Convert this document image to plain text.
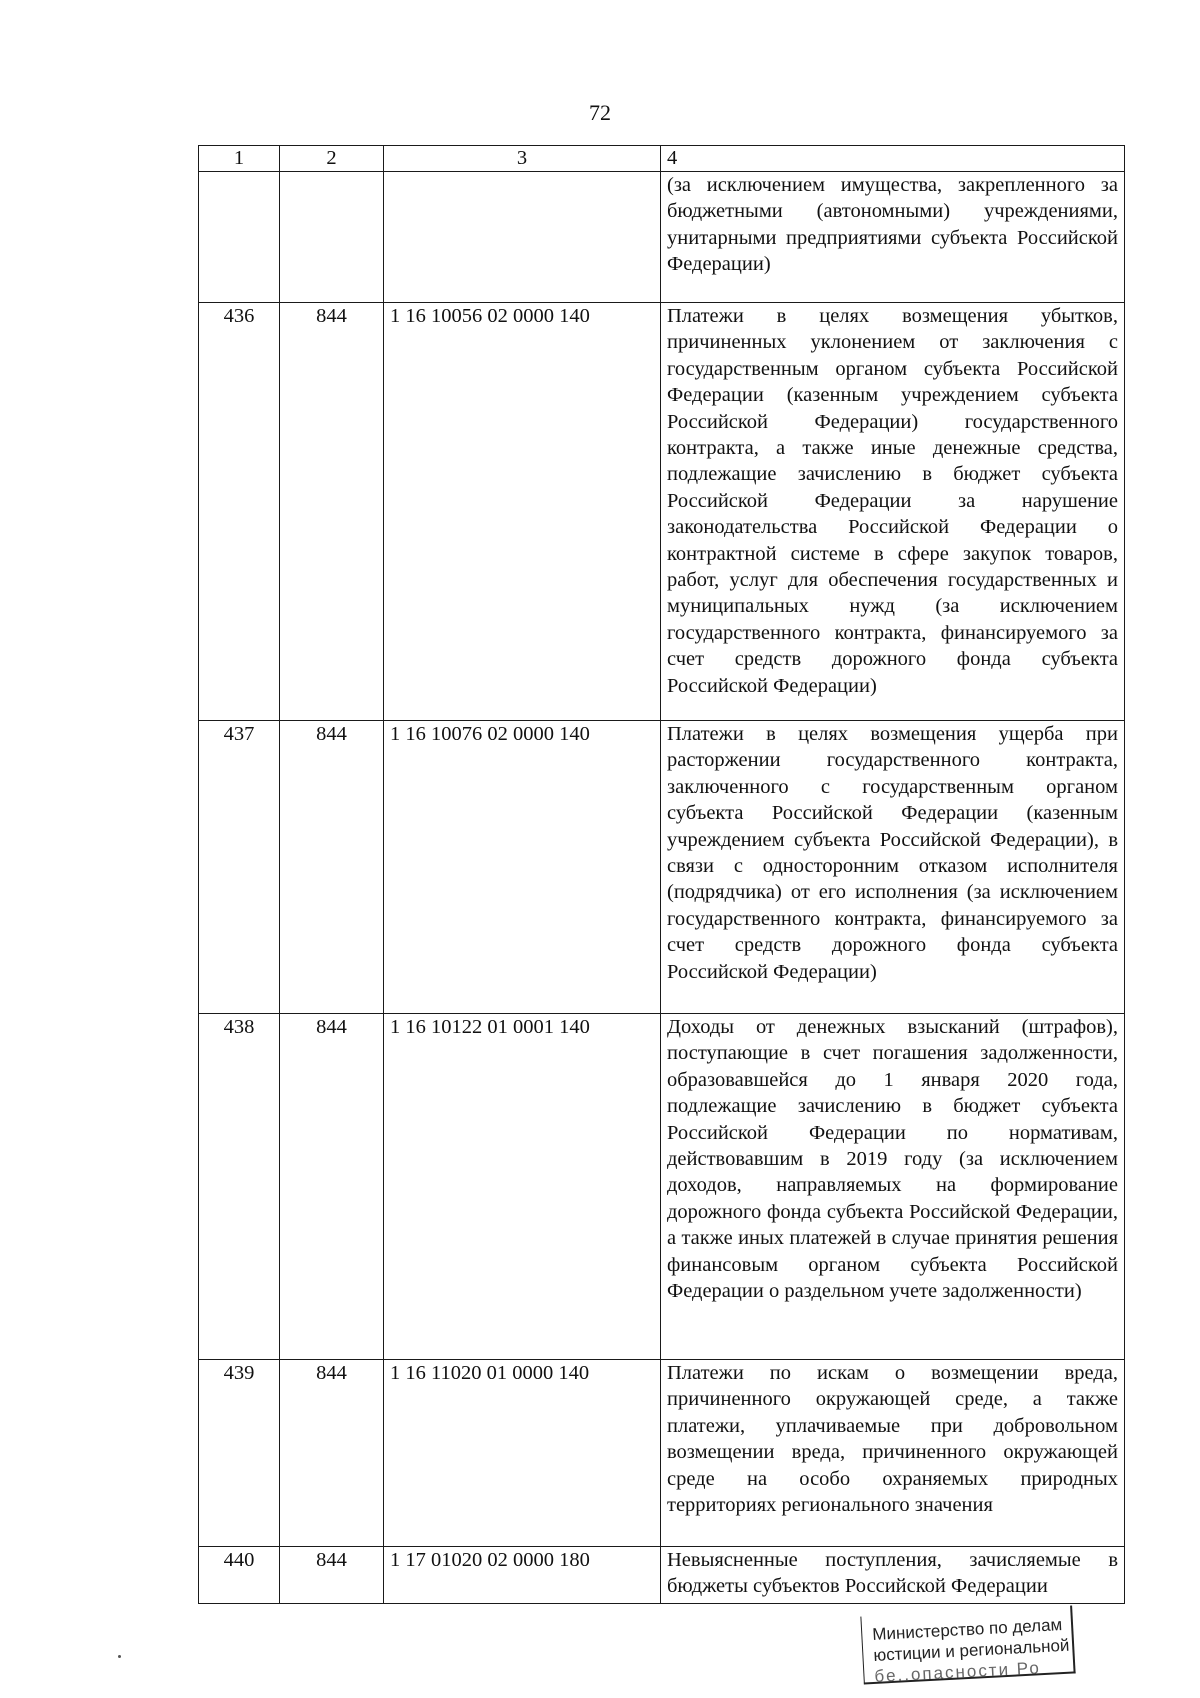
72
1	2	3	4
			(за исключением имущества, закрепленного за бюджетными (автономными) учреждениями, унитарными предприятиями субъекта Российской Федерации)
436	844	1 16 10056 02 0000 140	Платежи в целях возмещения убытков, причиненных уклонением от заключения с государственным органом субъекта Российской Федерации (казенным учреждением субъекта Российской Федерации) государственного контракта, а также иные денежные средства, подлежащие зачислению в бюджет субъекта Российской Федерации за нарушение законодательства Российской Федерации о контрактной системе в сфере закупок товаров, работ, услуг для обеспечения государственных и муниципальных нужд (за исключением государственного контракта, финансируемого за счет средств дорожного фонда субъекта Российской Федерации)
437	844	1 16 10076 02 0000 140	Платежи в целях возмещения ущерба при расторжении государственного контракта, заключенного с государственным органом субъекта Российской Федерации (казенным учреждением субъекта Российской Федерации), в связи с односторонним отказом исполнителя (подрядчика) от его исполнения (за исключением государственного контракта, финансируемого за счет средств дорожного фонда субъекта Российской Федерации)
438	844	1 16 10122 01 0001 140	Доходы от денежных взысканий (штрафов), поступающие в счет погашения задолженности, образовавшейся до 1 января 2020 года, подлежащие зачислению в бюджет субъекта Российской Федерации по нормативам, действовавшим в 2019 году (за исключением доходов, направляемых на формирование дорожного фонда субъекта Российской Федерации, а также иных платежей в случае принятия решения финансовым органом субъекта Российской Федерации о раздельном учете задолженности)
439	844	1 16 11020 01 0000 140	Платежи по искам о возмещении вреда, причиненного окружающей среде, а также платежи, уплачиваемые при добровольном возмещении вреда, причиненного окружающей среде на особо охраняемых природных территориях регионального значения
440	844	1 17 01020 02 0000 180	Невыясненные поступления, зачисляемые в бюджеты субъектов Российской Федерации
Министерство по делам
юстиции и региональной
бе..опасности Ро
